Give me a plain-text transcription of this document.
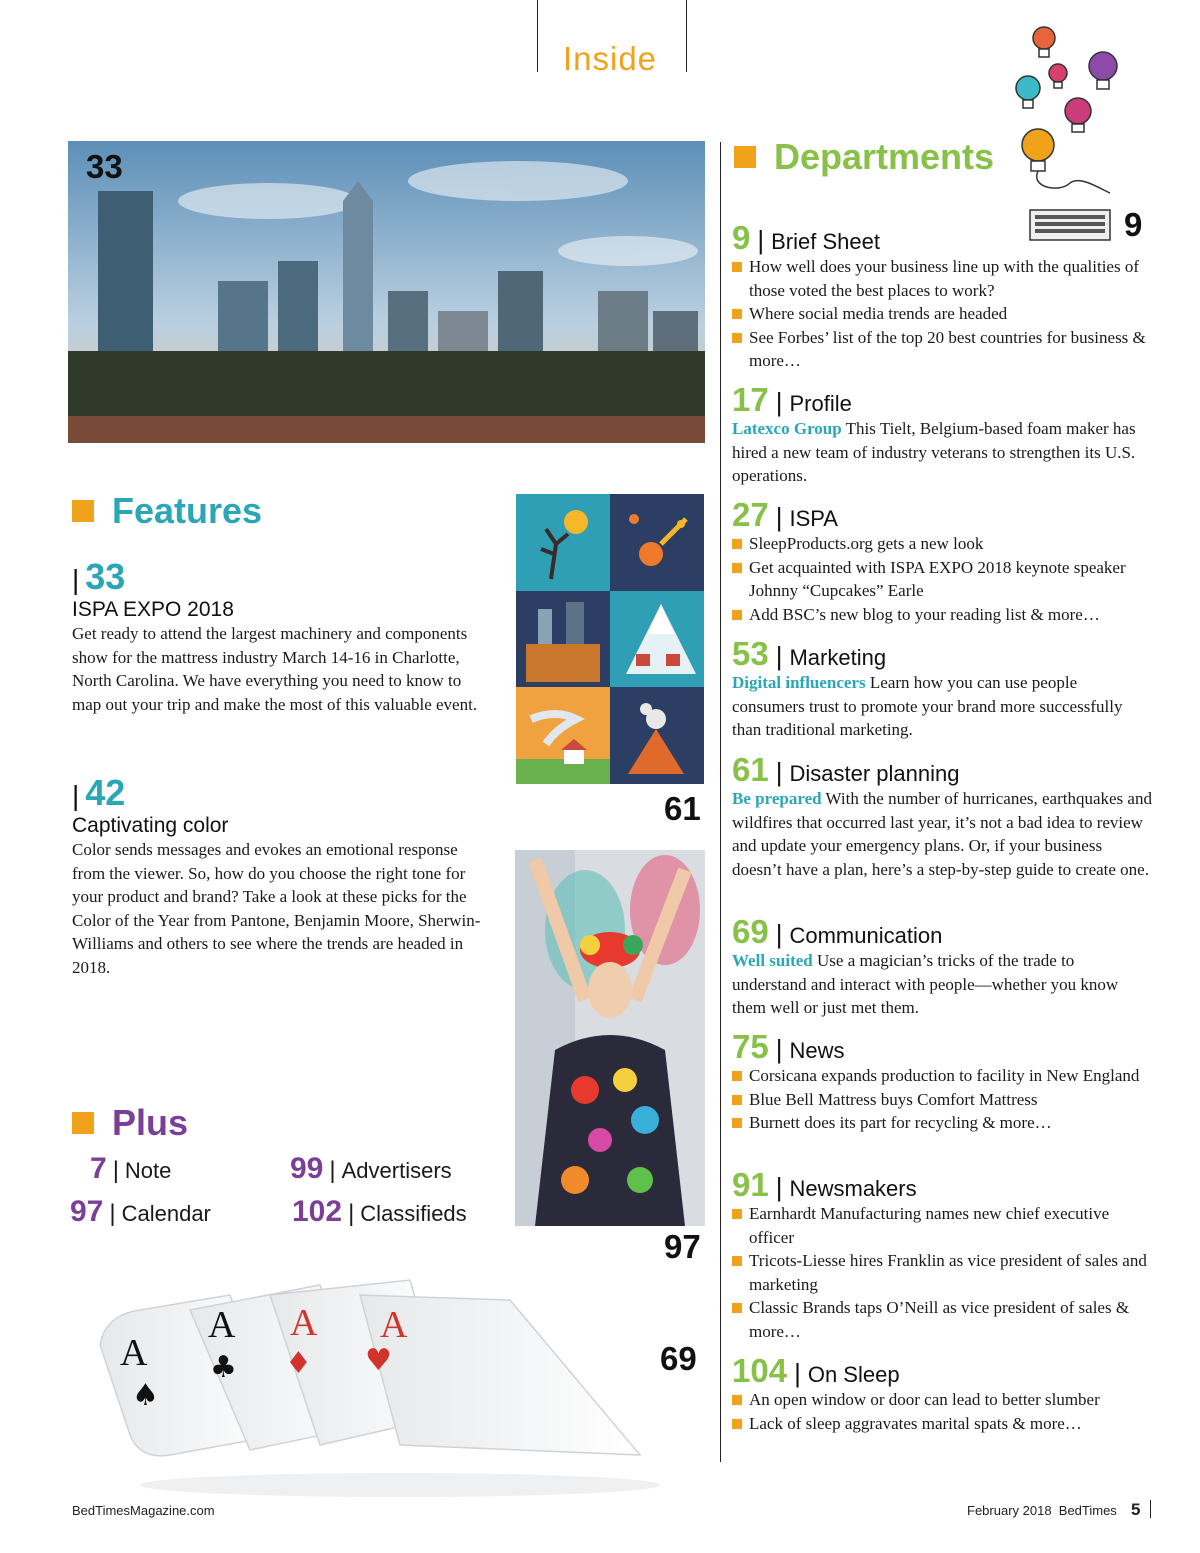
Inside
9
33	Departments
9 | Brief Sheet
How well does your business line up with the qualities of those voted the best places to work?
Where social media trends are headed
See Forbes’ list of the top 20 best countries for business & more…
17 | Profile
Latexco Group This Tielt, Belgium-based foam maker has hired a new team of industry veterans to strengthen its U.S. operations.
27 | ISPA
SleepProducts.org gets a new look
Get acquainted with ISPA EXPO 2018 keynote speaker Johnny “Cupcakes” Earle
Add BSC’s new blog to your reading list & more…
53 | Marketing
Digital influencers Learn how you can use people consumers trust to promote your brand more successfully than traditional marketing.
61 | Disaster planning
Be prepared With the number of hurricanes, earthquakes and wildfires that occurred last year, it’s not a bad idea to review and update your emergency plans. Or, if your business doesn’t have a plan, here’s a step-by-step guide to create one.
69 | Communication
Well suited Use a magician’s tricks of the trade to understand and interact with people—whether you know them well or just met them.
75 | News
Corsicana expands production to facility in New England
Blue Bell Mattress buys Comfort Mattress
Burnett does its part for recycling & more…
91 | Newsmakers
Earnhardt Manufacturing names new chief executive officer
Tricots-Liesse hires Franklin as vice president of sales and marketing
Classic Brands taps O’Neill as vice president of sales & more…
104 | On Sleep
An open window or door can lead to better slumber
Lack of sleep aggravates marital spats & more…
Features
| 33
ISPA EXPO 2018
Get ready to attend the largest machinery and components show for the mattress industry March 14-16 in Charlotte, North Carolina. We have everything you need to know to map out your trip and make the most of this valuable event.
| 42
Captivating color
Color sends messages and evokes an emotional response from the viewer. So, how do you choose the right tone for your product and brand? Take a look at these picks for the Color of the Year from Pantone, Benjamin Moore, Sherwin-Williams and others to see where the trends are headed in 2018.
61
97
Plus
7 | Note	99 | Advertisers
97 | Calendar	102 | Classifieds
A
♠
A
♣
A
♦
A
♥	69
BedTimesMagazine.com	February 2018  BedTimes 5
